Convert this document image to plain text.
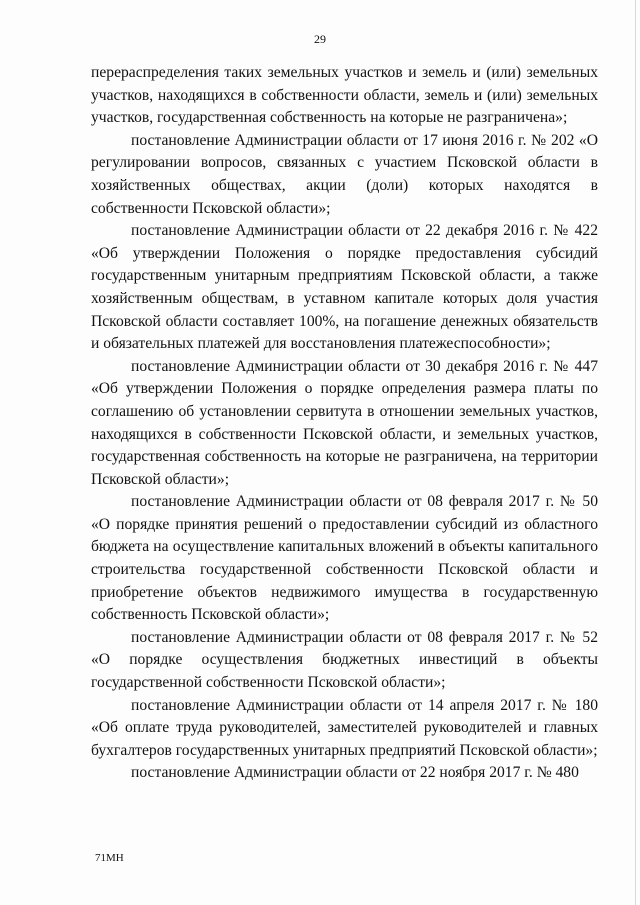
29

перераспределения таких земельных участков и земель и (или) земельных участков, находящихся в собственности области, земель и (или) земельных участков, государственная собственность на которые не разграничена»;

постановление Администрации области от 17 июня 2016 г. № 202 «О регулировании вопросов, связанных с участием Псковской области в хозяйственных обществах, акции (доли) которых находятся в собственности Псковской области»;

постановление Администрации области от 22 декабря 2016 г. № 422 «Об утверждении Положения о порядке предоставления субсидий государственным унитарным предприятиям Псковской области, а также хозяйственным обществам, в уставном капитале которых доля участия Псковской области составляет 100%, на погашение денежных обязательств и обязательных платежей для восстановления платежеспособности»;

постановление Администрации области от 30 декабря 2016 г. № 447 «Об утверждении Положения о порядке определения размера платы по соглашению об установлении сервитута в отношении земельных участков, находящихся в собственности Псковской области, и земельных участков, государственная собственность на которые не разграничена, на территории Псковской области»;

постановление Администрации области от 08 февраля 2017 г. № 50 «О порядке принятия решений о предоставлении субсидий из областного бюджета на осуществление капитальных вложений в объекты капитального строительства государственной собственности Псковской области и приобретение объектов недвижимого имущества в государственную собственность Псковской области»;

постановление Администрации области от 08 февраля 2017 г. № 52 «О порядке осуществления бюджетных инвестиций в объекты государственной собственности Псковской области»;

постановление Администрации области от 14 апреля 2017 г. № 180 «Об оплате труда руководителей, заместителей руководителей и главных бухгалтеров государственных унитарных предприятий Псковской области»;

постановление Администрации области от 22 ноября 2017 г. № 480

71МН
